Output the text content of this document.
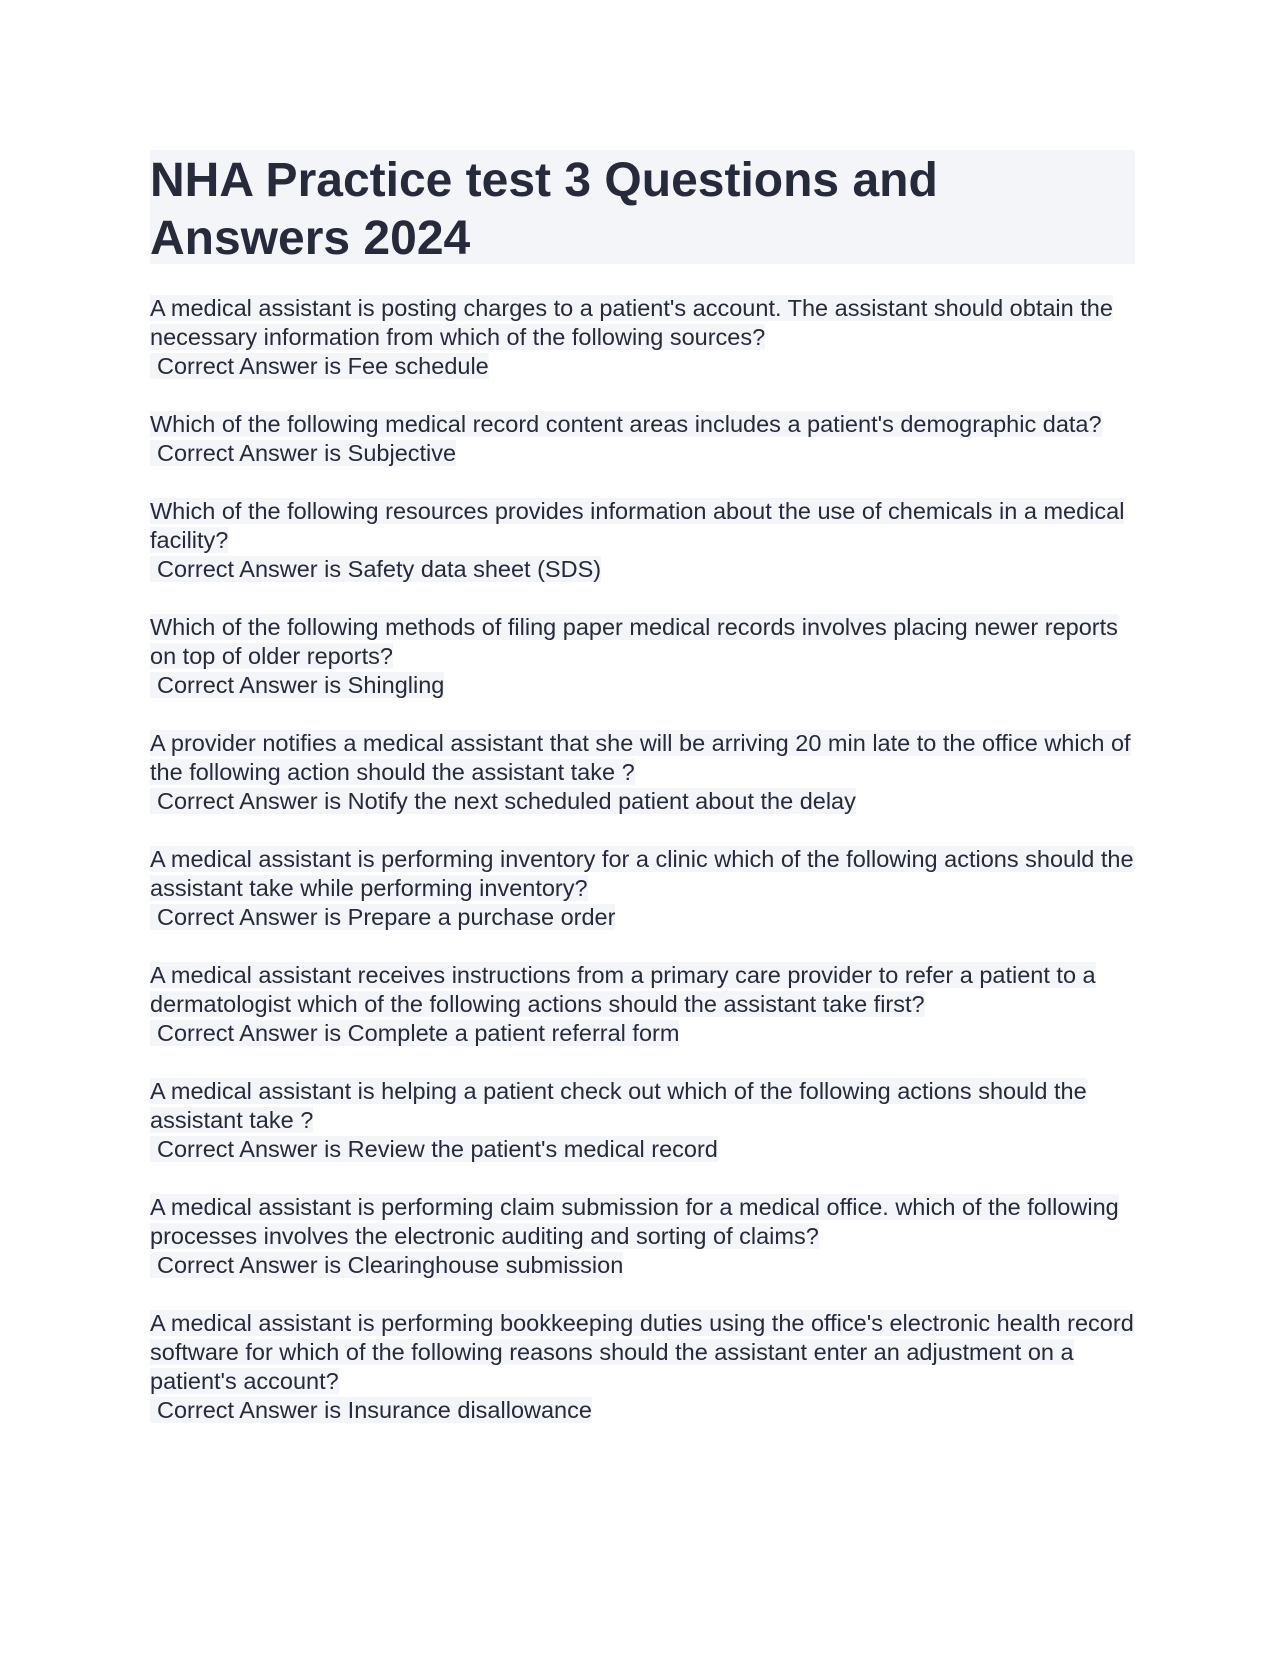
NHA Practice test 3 Questions and Answers 2024
A medical assistant is posting charges to a patient's account. The assistant should obtain the necessary information from which of the following sources?
Correct Answer is Fee schedule
Which of the following medical record content areas includes a patient's demographic data?
Correct Answer is Subjective
Which of the following resources provides information about the use of chemicals in a medical facility?
Correct Answer is Safety data sheet (SDS)
Which of the following methods of filing paper medical records involves placing newer reports on top of older reports?
Correct Answer is Shingling
A provider notifies a medical assistant that she will be arriving 20 min late to the office which of the following action should the assistant take ?
Correct Answer is Notify the next scheduled patient about the delay
A medical assistant is performing inventory for a clinic which of the following actions should the assistant take while performing inventory?
Correct Answer is Prepare a purchase order
A medical assistant receives instructions from a primary care provider to refer a patient to a dermatologist which of the following actions should the assistant take first?
Correct Answer is Complete a patient referral form
A medical assistant is helping a patient check out which of the following actions should the assistant take ?
Correct Answer is Review the patient's medical record
A medical assistant is performing claim submission for a medical office. which of the following processes involves the electronic auditing and sorting of claims?
Correct Answer is Clearinghouse submission
A medical assistant is performing bookkeeping duties using the office's electronic health record software for which of the following reasons should the assistant enter an adjustment on a patient's account?
Correct Answer is Insurance disallowance
